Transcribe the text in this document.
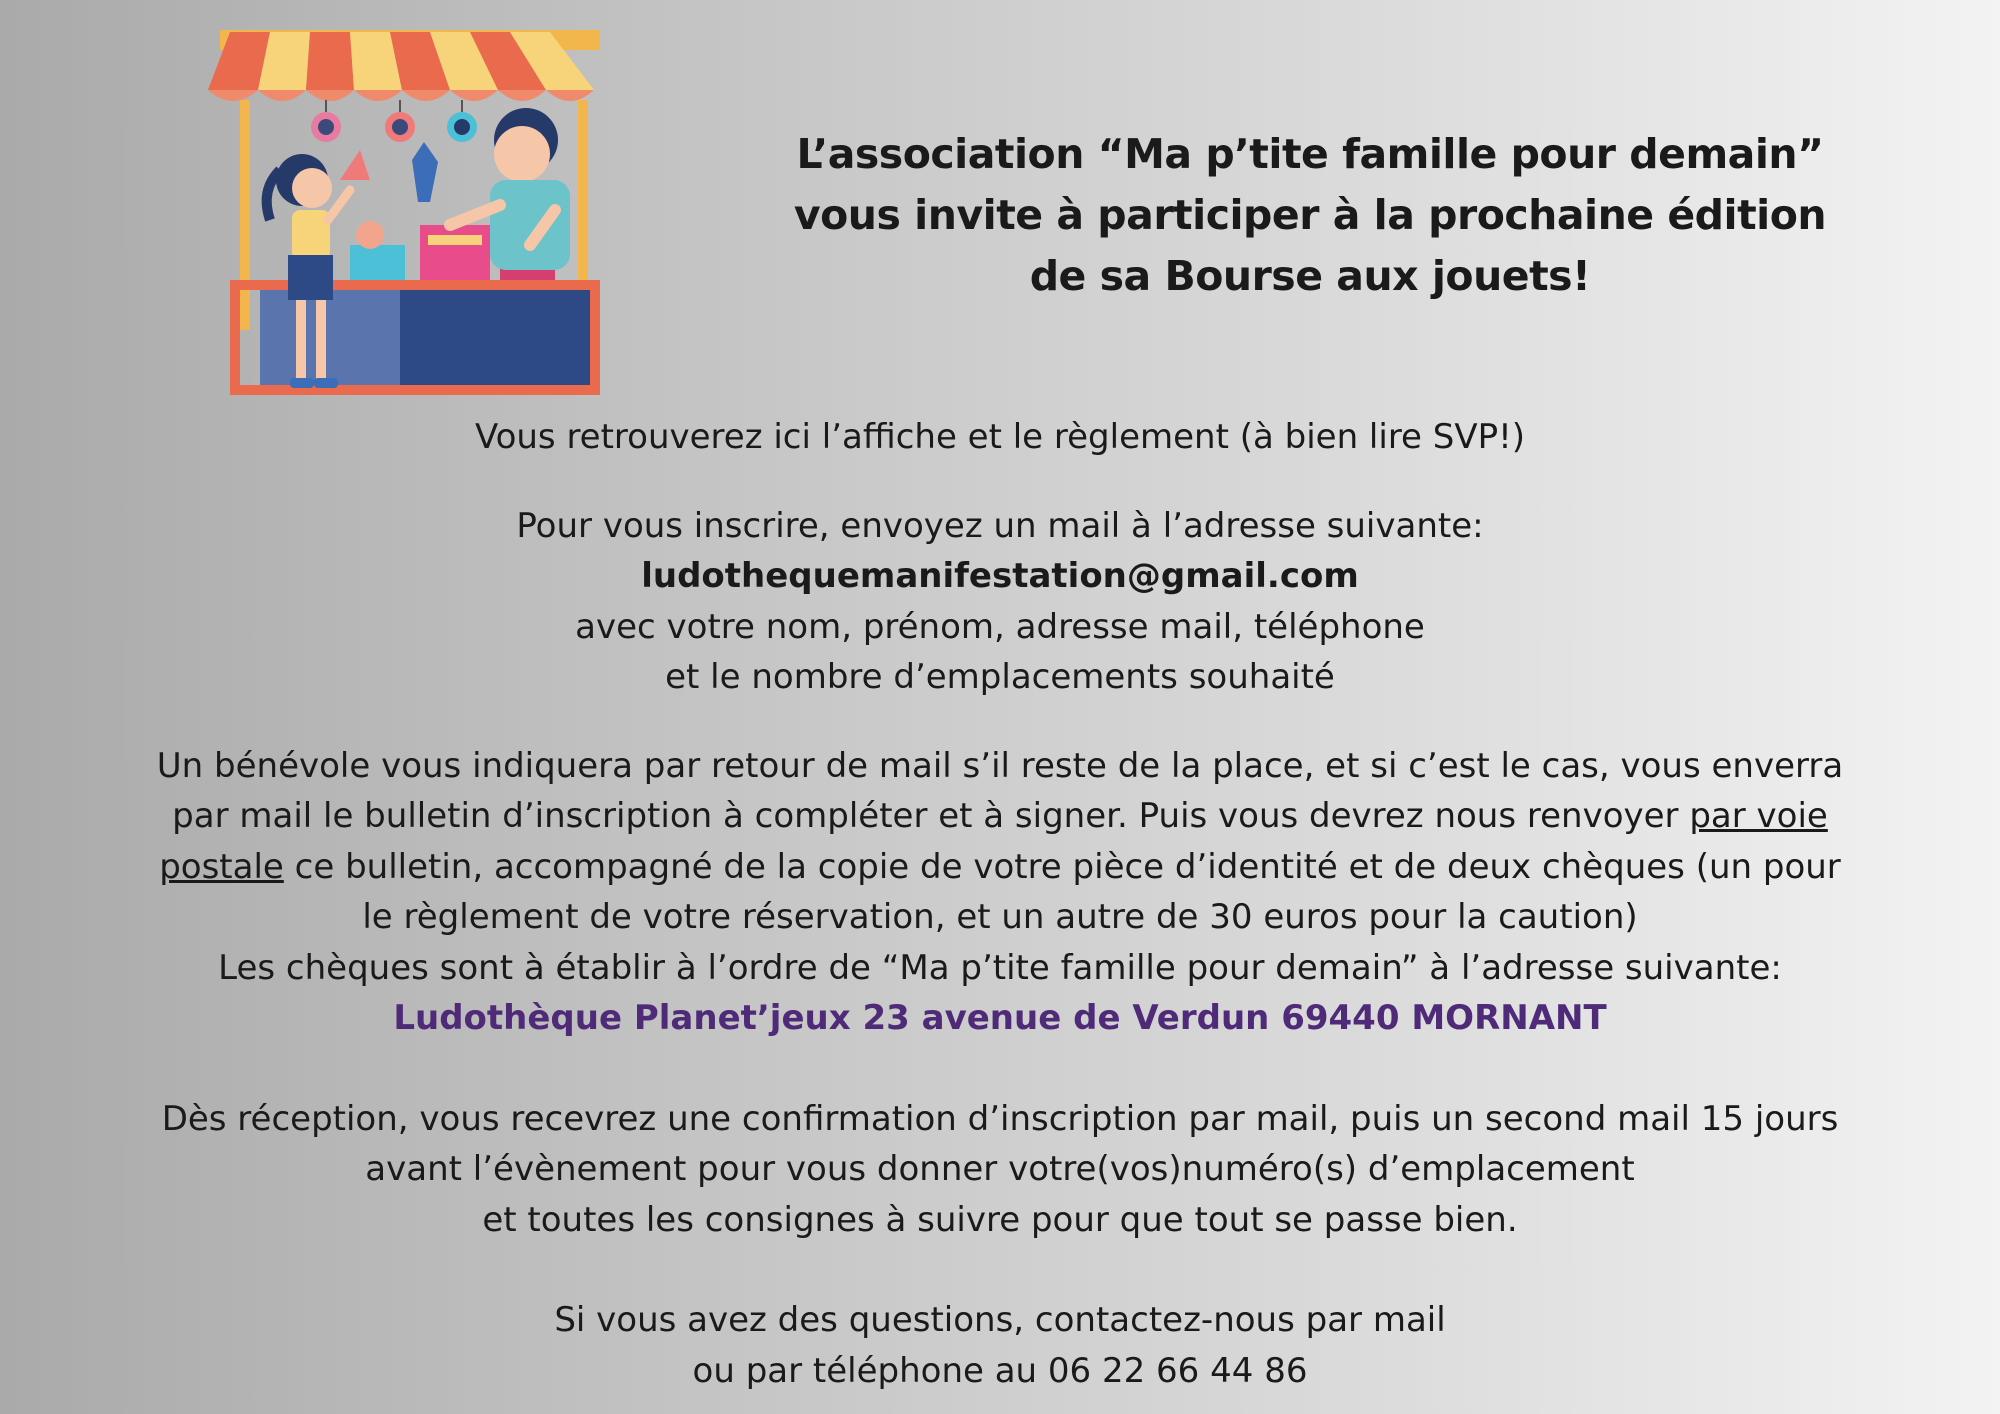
L’association “Ma p’tite famille pour demain”
vous invite à participer à la prochaine édition
de sa Bourse aux jouets!

Vous retrouverez ici l’affiche et le règlement (à bien lire SVP!)

Pour vous inscrire, envoyez un mail à l’adresse suivante:
ludothequemanifestation@gmail.com
avec votre nom, prénom, adresse mail, téléphone
et le nombre d’emplacements souhaité

Un bénévole vous indiquera par retour de mail s’il reste de la place, et si c’est le cas, vous enverra
par mail le bulletin d’inscription à compléter et à signer. Puis vous devrez nous renvoyer par voie
postale ce bulletin, accompagné de la copie de votre pièce d’identité et de deux chèques (un pour
le règlement de votre réservation, et un autre de 30 euros pour la caution)
Les chèques sont à établir à l’ordre de “Ma p’tite famille pour demain” à l’adresse suivante:
Ludothèque Planet’jeux 23 avenue de Verdun 69440 MORNANT

Dès réception, vous recevrez une confirmation d’inscription par mail, puis un second mail 15 jours
avant l’évènement pour vous donner votre(vos)numéro(s) d’emplacement
et toutes les consignes à suivre pour que tout se passe bien.

Si vous avez des questions, contactez-nous par mail
ou par téléphone au 06 22 66 44 86
